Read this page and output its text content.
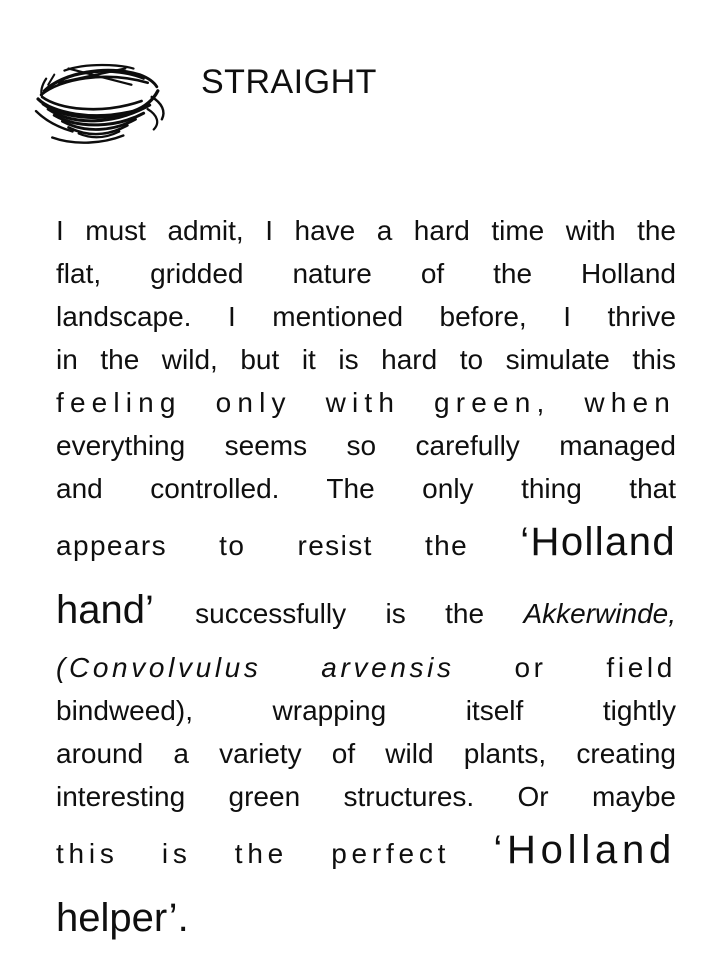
STRAIGHT
I must admit, I have a hard time with the
flat, gridded nature of the Holland
landscape. I mentioned before, I thrive
in the wild, but it is hard to simulate this
feeling only with green, when
everything seems so carefully managed
and controlled. The only thing that
appears to resist the ‘Holland
hand’ successfully is the Akkerwinde,
(Convolvulus arvensis or field
bindweed), wrapping itself tightly
around a variety of wild plants, creating
interesting green structures. Or maybe
this is the perfect ‘Holland
helper’.
